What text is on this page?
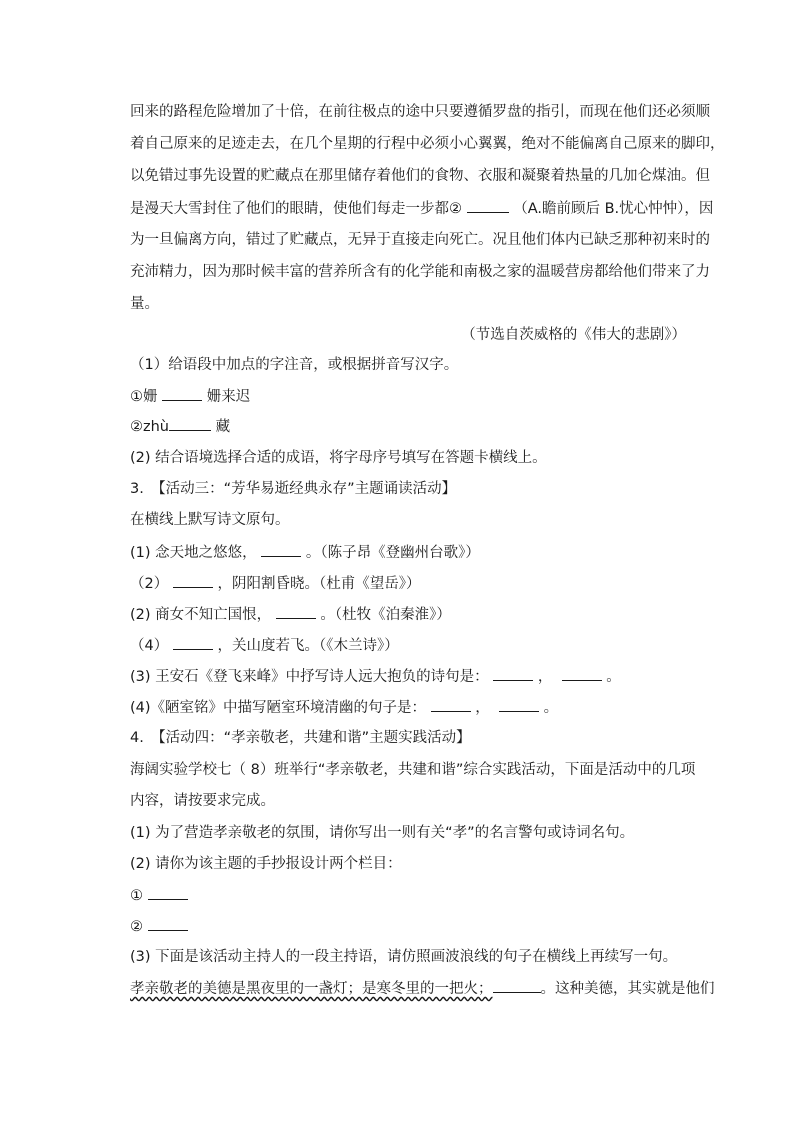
回来的路程危险增加了十倍，在前往极点的途中只要遵循罗盘的指引，而现在他们还必须顺
着自己原来的足迹走去，在几个星期的行程中必须小心翼翼，绝对不能偏离自己原来的脚印，
以免错过事先设置的贮藏点在那里储存着他们的食物、衣服和凝聚着热量的几加仑煤油。但
是漫天大雪封住了他们的眼睛，使他们每走一步都②	（A.瞻前顾后 B.忧心忡忡），因
为一旦偏离方向，错过了贮藏点，无异于直接走向死亡。况且他们体内已缺乏那种初来时的
充沛精力，因为那时候丰富的营养所含有的化学能和南极之家的温暖营房都给他们带来了力
量。
（节选自茨威格的《伟大的悲剧》）
（1）给语段中加点的字注音，或根据拼音写汉字。
①姗	姗来迟
②zhù	藏
(2) 结合语境选择合适的成语，将字母序号填写在答题卡横线上。
3.　【活动三：“芳华易逝经典永存”主题诵读活动】
在横线上默写诗文原句。
(1) 念天地之悠悠，	。（陈子昂《登幽州台歌》）
（2）	，阴阳割昏晓。（杜甫《望岳》）
(2) 商女不知亡国恨，	。（杜牧《泊秦淮》）
（4）	，关山度若飞。（《木兰诗》）
(3) 王安石《登飞来峰》中抒写诗人远大抱负的诗句是：	，	。
(4)《陋室铭》中描写陋室环境清幽的句子是：	，	。
4.　【活动四：“孝亲敬老，共建和谐”主题实践活动】
海阔实验学校七（ 8）班举行“孝亲敬老，共建和谐”综合实践活动，下面是活动中的几项
内容，请按要求完成。
(1) 为了营造孝亲敬老的氛围，请你写出一则有关“孝”的名言警句或诗词名句。
(2) 请你为该主题的手抄报设计两个栏目：
①
②
(3) 下面是该活动主持人的一段主持语，请仿照画波浪线的句子在横线上再续写一句。
孝亲敬老的美德是黑夜里的一盏灯；是寒冬里的一把火；	。这种美德，其实就是他们
